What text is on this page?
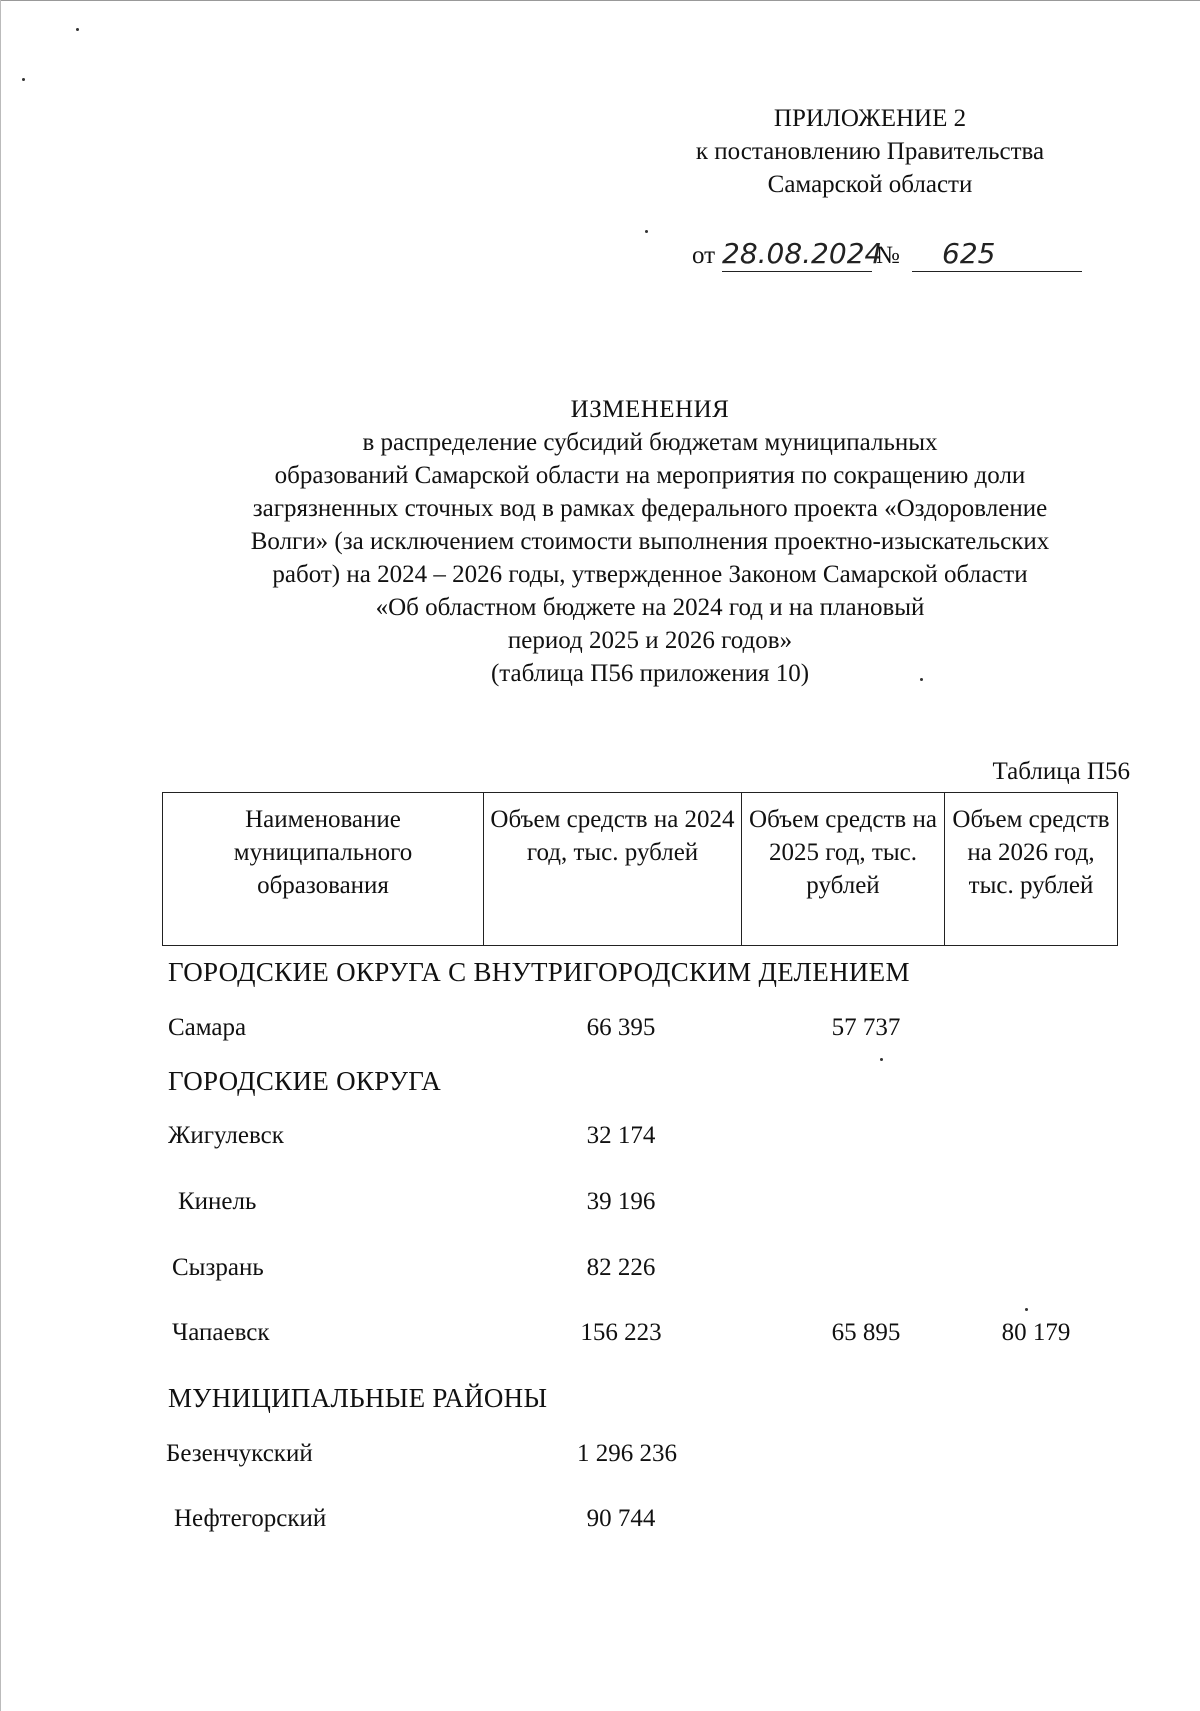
ПРИЛОЖЕНИЕ 2
к постановлению Правительства
Самарской области
от 28.08.2024
№ 625
ИЗМЕНЕНИЯ
в распределение субсидий бюджетам муниципальных
образований Самарской области на мероприятия по сокращению доли
загрязненных сточных вод в рамках федерального проекта «Оздоровление
Волги» (за исключением стоимости выполнения проектно-изыскательских
работ) на 2024 – 2026 годы, утвержденное Законом Самарской области
«Об областном бюджете на 2024 год и на плановый
период 2025 и 2026 годов»
(таблица П56 приложения 10)
Таблица П56
Наименование муниципального образования	Объем средств на 2024 год, тыс. рублей	Объем средств на 2025 год, тыс. рублей	Объем средств на 2026 год, тыс. рублей
ГОРОДСКИЕ ОКРУГА С ВНУТРИГОРОДСКИМ ДЕЛЕНИЕМ
Самара	66 395	57 737
ГОРОДСКИЕ ОКРУГА
Жигулевск	32 174
Кинель	39 196
Сызрань	82 226
Чапаевск	156 223	65 895	80 179
МУНИЦИПАЛЬНЫЕ РАЙОНЫ
Безенчукский	1 296 236
Нефтегорский	90 744
